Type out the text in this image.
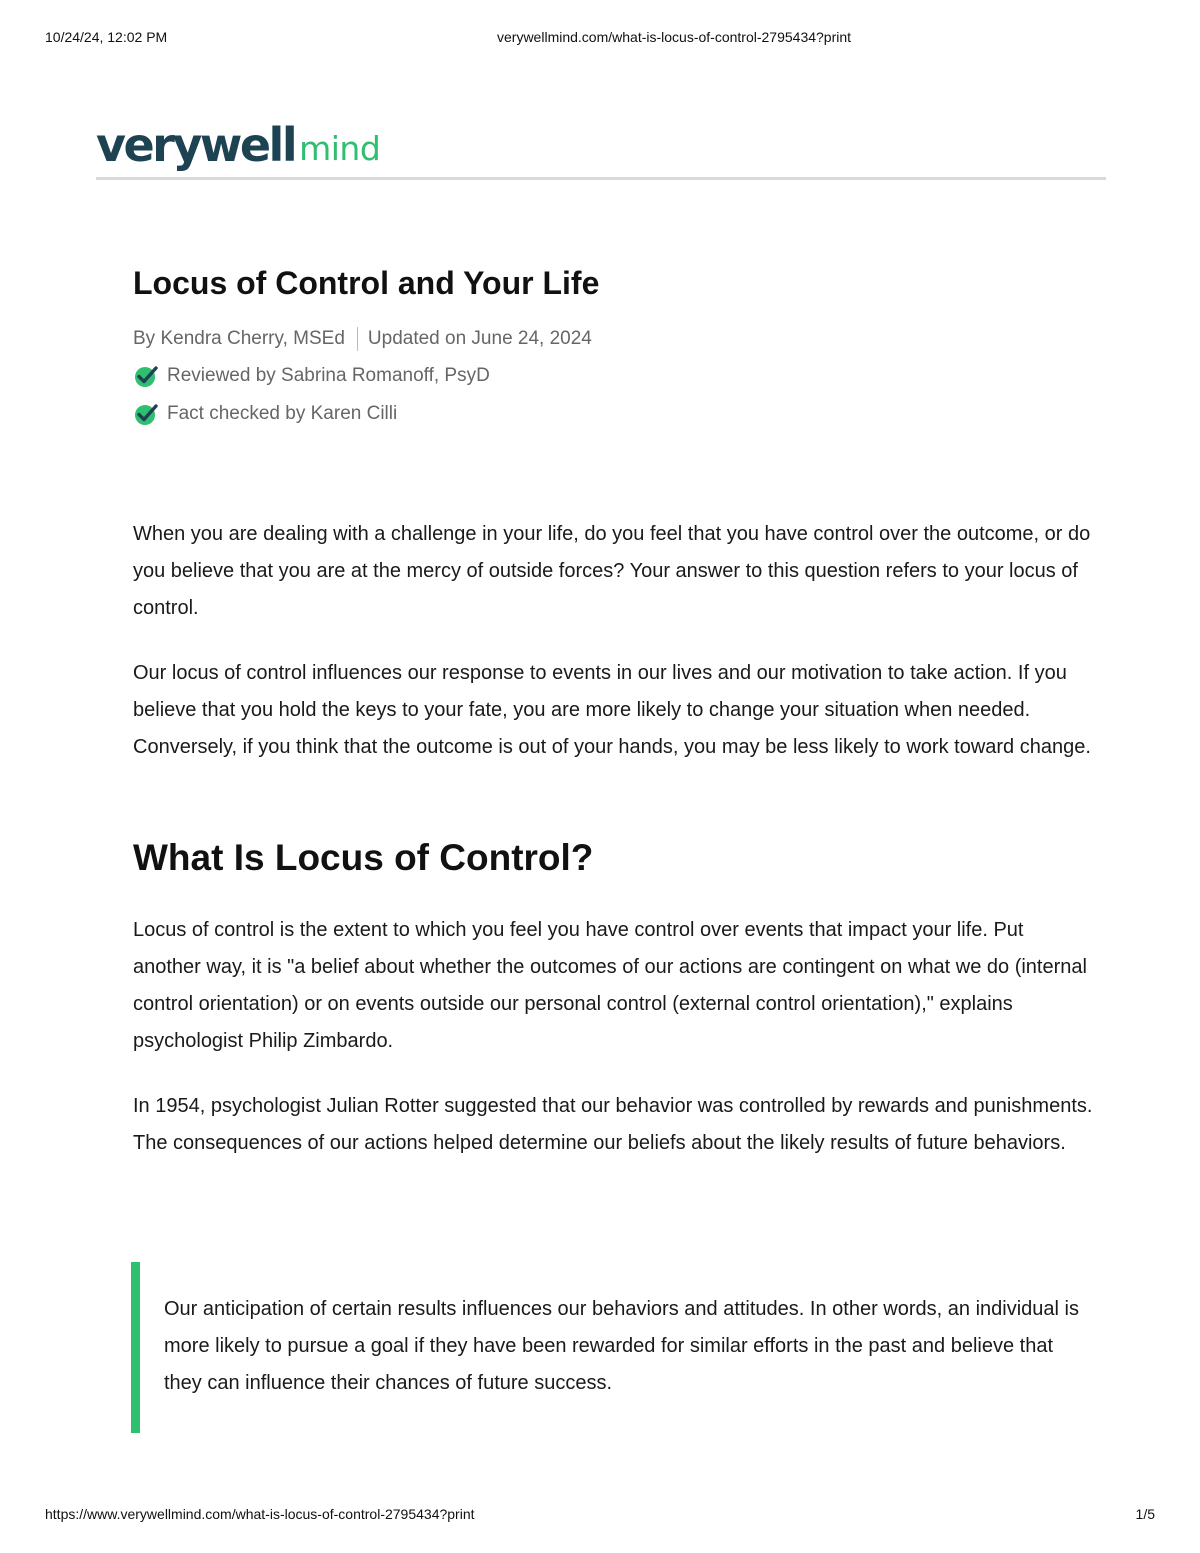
10/24/24, 12:02 PM	verywellmind.com/what-is-locus-of-control-2795434?print
verywell mind
Locus of Control and Your Life
By Kendra Cherry, MSEd Updated on June 24, 2024
Reviewed by Sabrina Romanoff, PsyD
Fact checked by Karen Cilli

When you are dealing with a challenge in your life, do you feel that you have control over the outcome, or do you believe that you are at the mercy of outside forces? Your answer to this question refers to your locus of control.

Our locus of control influences our response to events in our lives and our motivation to take action. If you believe that you hold the keys to your fate, you are more likely to change your situation when needed. Conversely, if you think that the outcome is out of your hands, you may be less likely to work toward change.

What Is Locus of Control?

Locus of control is the extent to which you feel you have control over events that impact your life. Put another way, it is "a belief about whether the outcomes of our actions are contingent on what we do (internal control orientation) or on events outside our personal control (external control orientation)," explains psychologist Philip Zimbardo.

In 1954, psychologist Julian Rotter suggested that our behavior was controlled by rewards and punishments. The consequences of our actions helped determine our beliefs about the likely results of future behaviors.

Our anticipation of certain results influences our behaviors and attitudes. In other words, an individual is more likely to pursue a goal if they have been rewarded for similar efforts in the past and believe that they can influence their chances of future success.

https://www.verywellmind.com/what-is-locus-of-control-2795434?print	1/5
